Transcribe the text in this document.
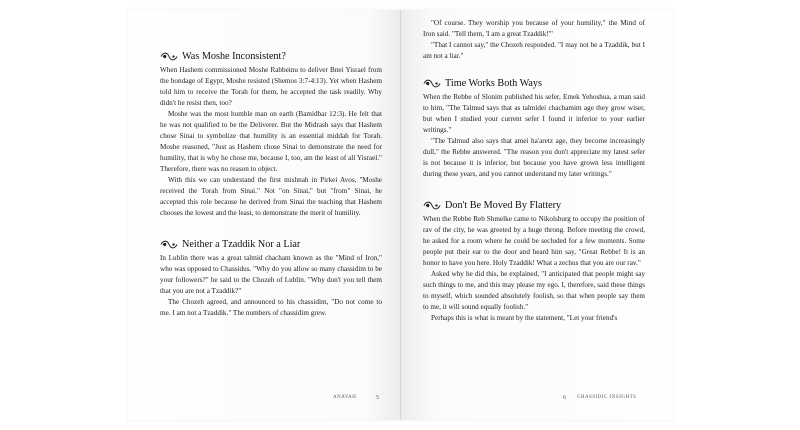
Was Moshe Inconsistent?

When Hashem commissioned Moshe Rabbeinu to deliver Bnei Yisrael from the bondage of Egypt, Moshe resisted (Shemos 3:7-4:13). Yet when Hashem told him to receive the Torah for them, he accepted the task readily. Why didn't he resist then, too?

Moshe was the most humble man on earth (Bamidbar 12:3). He felt that he was not qualified to be the Deliverer. But the Midrash says that Hashem chose Sinai to symbolize that humility is an essential middah for Torah. Moshe reasoned, "Just as Hashem chose Sinai to demonstrate the need for humility, that is why he chose me, because I, too, am the least of all Yisrael." Therefore, there was no reason to object.

With this we can understand the first mishnah in Pirkei Avos, "Moshe received the Torah from Sinai." Not "on Sinai," but "from" Sinai, he accepted this role because he derived from Sinai the teaching that Hashem chooses the lowest and the least, to demonstrate the merit of humility.

Neither a Tzaddik Nor a Liar

In Lublin there was a great talmid chacham known as the "Mind of Iron," who was opposed to Chassidus. "Why do you allow so many chassidim to be your followers?" he said to the Chozeh of Lublin. "Why don't you tell them that you are not a Tzaddik?"

The Chozeh agreed, and announced to his chassidim, "Do not come to me. I am not a Tzaddik." The numbers of chassidim grew.

ANAVAH	5

"Of course. They worship you because of your humility," the Mind of Iron said. "Tell them, 'I am a great Tzaddik!'"

"That I cannot say," the Chozeh responded. "I may not be a Tzaddik, but I am not a liar."

Time Works Both Ways

When the Rebbe of Slonim published his sefer, Emek Yehoshua, a man said to him, "The Talmud says that as talmidei chachamim age they grow wiser, but when I studied your current sefer I found it inferior to your earlier writings."

"The Talmud also says that amei ha'aretz age, they become increasingly dull," the Rebbe answered. "The reason you don't appreciate my latest sefer is not because it is inferior, but because you have grown less intelligent during these years, and you cannot understand my later writings."

Don't Be Moved By Flattery

When the Rebbe Reb Shmelke came to Nikolsburg to occupy the position of rav of the city, he was greeted by a huge throng. Before meeting the crowd, he asked for a room where he could be secluded for a few moments. Some people put their ear to the door and heard him say, "Great Rebbe! It is an honor to have you here. Holy Tzaddik! What a zechus that you are our rav."

Asked why he did this, he explained, "I anticipated that people might say such things to me, and this may please my ego. I, therefore, said these things to myself, which sounded absolutely foolish, so that when people say them to me, it will sound equally foolish."

Perhaps this is what is meant by the statement, "Let your friend's

6 CHASSIDIC INSIGHTS
